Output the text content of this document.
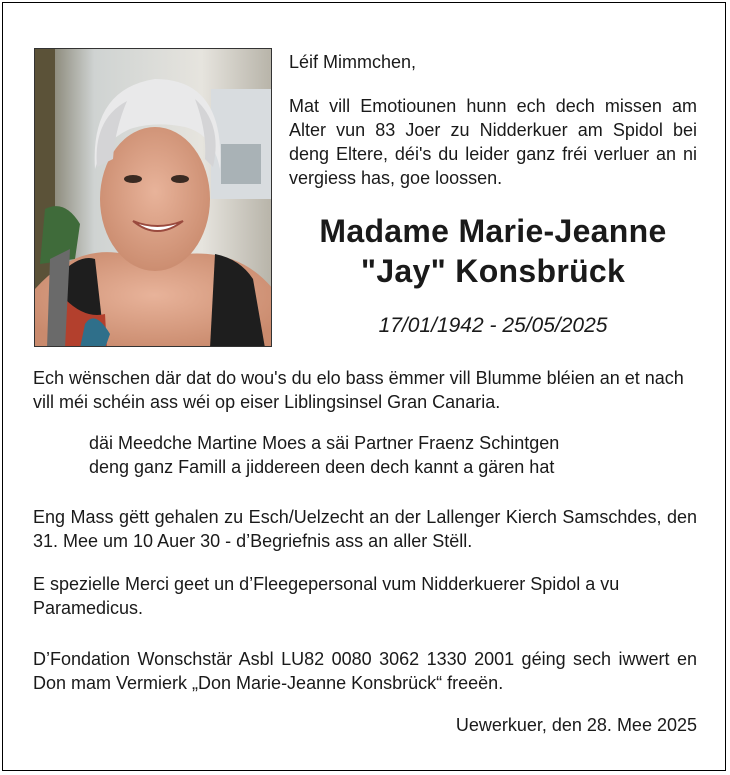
Léif Mimmchen,

Mat vill Emotiounen hunn ech dech missen am Alter vun 83 Joer zu Nidderkuer am Spidol bei deng Eltere, déi's du leider ganz fréi verluer an ni vergiess has, goe loossen.

Madame Marie-Jeanne
"Jay" Konsbrück

17/01/1942 - 25/05/2025

Ech wënschen där dat do wou's du elo bass ëmmer vill Blumme bléien an et nach vill méi schéin ass wéi op eiser Liblingsinsel Gran Canaria.

däi Meedche Martine Moes a säi Partner Fraenz Schintgen
deng ganz Famill a jiddereen deen dech kannt a gären hat

Eng Mass gëtt gehalen zu Esch/Uelzecht an der Lallenger Kierch Samschdes, den 31. Mee um 10 Auer 30 - d’Begriefnis ass an aller Stëll.

E spezielle Merci geet un d’Fleegepersonal vum Nidderkuerer Spidol a vu Paramedicus.

D’Fondation Wonschstär Asbl LU82 0080 3062 1330 2001 géing sech iwwert en Don mam Vermierk „Don Marie-Jeanne Konsbrück“ freeën.

Uewerkuer, den 28. Mee 2025
